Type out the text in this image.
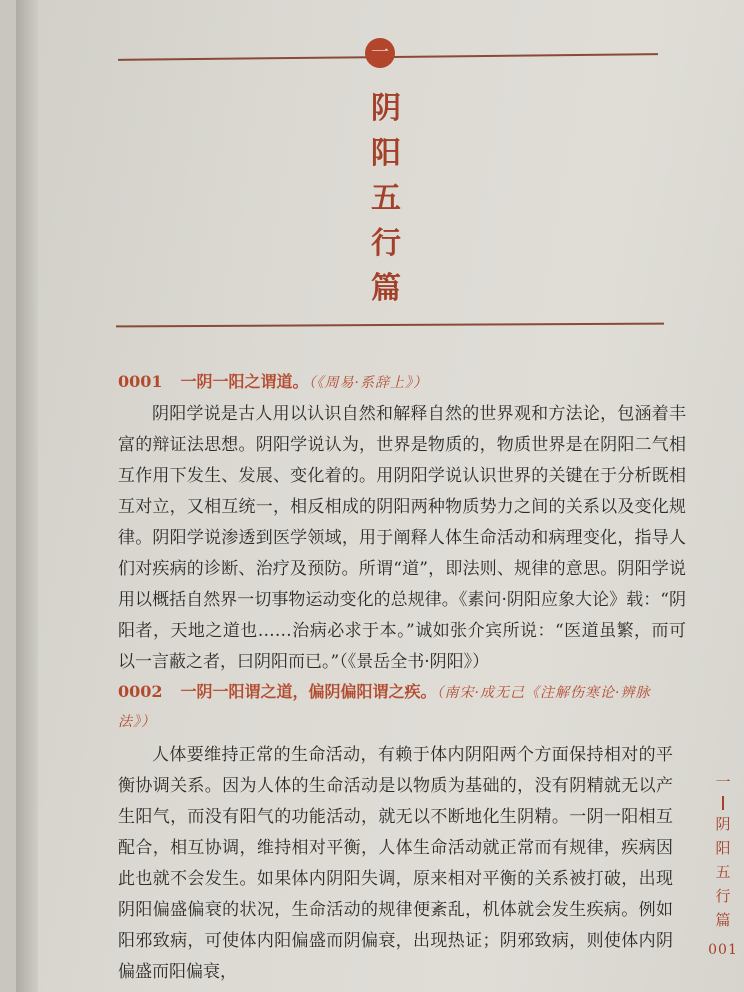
一
阴
阳
五
行
篇
0001 一阴一阳之谓道。（《周易·系辞上》）
阴阳学说是古人用以认识自然和解释自然的世界观和方法论，包涵着丰富的辩证法思想。阴阳学说认为，世界是物质的，物质世界是在阴阳二气相互作用下发生、发展、变化着的。用阴阳学说认识世界的关键在于分析既相互对立，又相互统一，相反相成的阴阳两种物质势力之间的关系以及变化规律。阴阳学说渗透到医学领域，用于阐释人体生命活动和病理变化，指导人们对疾病的诊断、治疗及预防。所谓“道”，即法则、规律的意思。阴阳学说用以概括自然界一切事物运动变化的总规律。《素问·阴阳应象大论》载：“阴阳者，天地之道也……治病必求于本。”诚如张介宾所说：“医道虽繁，而可以一言蔽之者，曰阴阳而已。”（《景岳全书·阴阳》）
0002 一阴一阳谓之道，偏阴偏阳谓之疾。（南宋·成无己《注解伤寒论·辨脉法》）
人体要维持正常的生命活动，有赖于体内阴阳两个方面保持相对的平衡协调关系。因为人体的生命活动是以物质为基础的，没有阴精就无以产生阳气，而没有阳气的功能活动，就无以不断地化生阴精。一阴一阳相互配合，相互协调，维持相对平衡，人体生命活动就正常而有规律，疾病因此也就不会发生。如果体内阴阳失调，原来相对平衡的关系被打破，出现阴阳偏盛偏衰的状况，生命活动的规律便紊乱，机体就会发生疾病。例如阳邪致病，可使体内阳偏盛而阴偏衰，出现热证；阴邪致病，则使体内阴偏盛而阳偏衰，
一
阴
阳
五
行
篇
001
